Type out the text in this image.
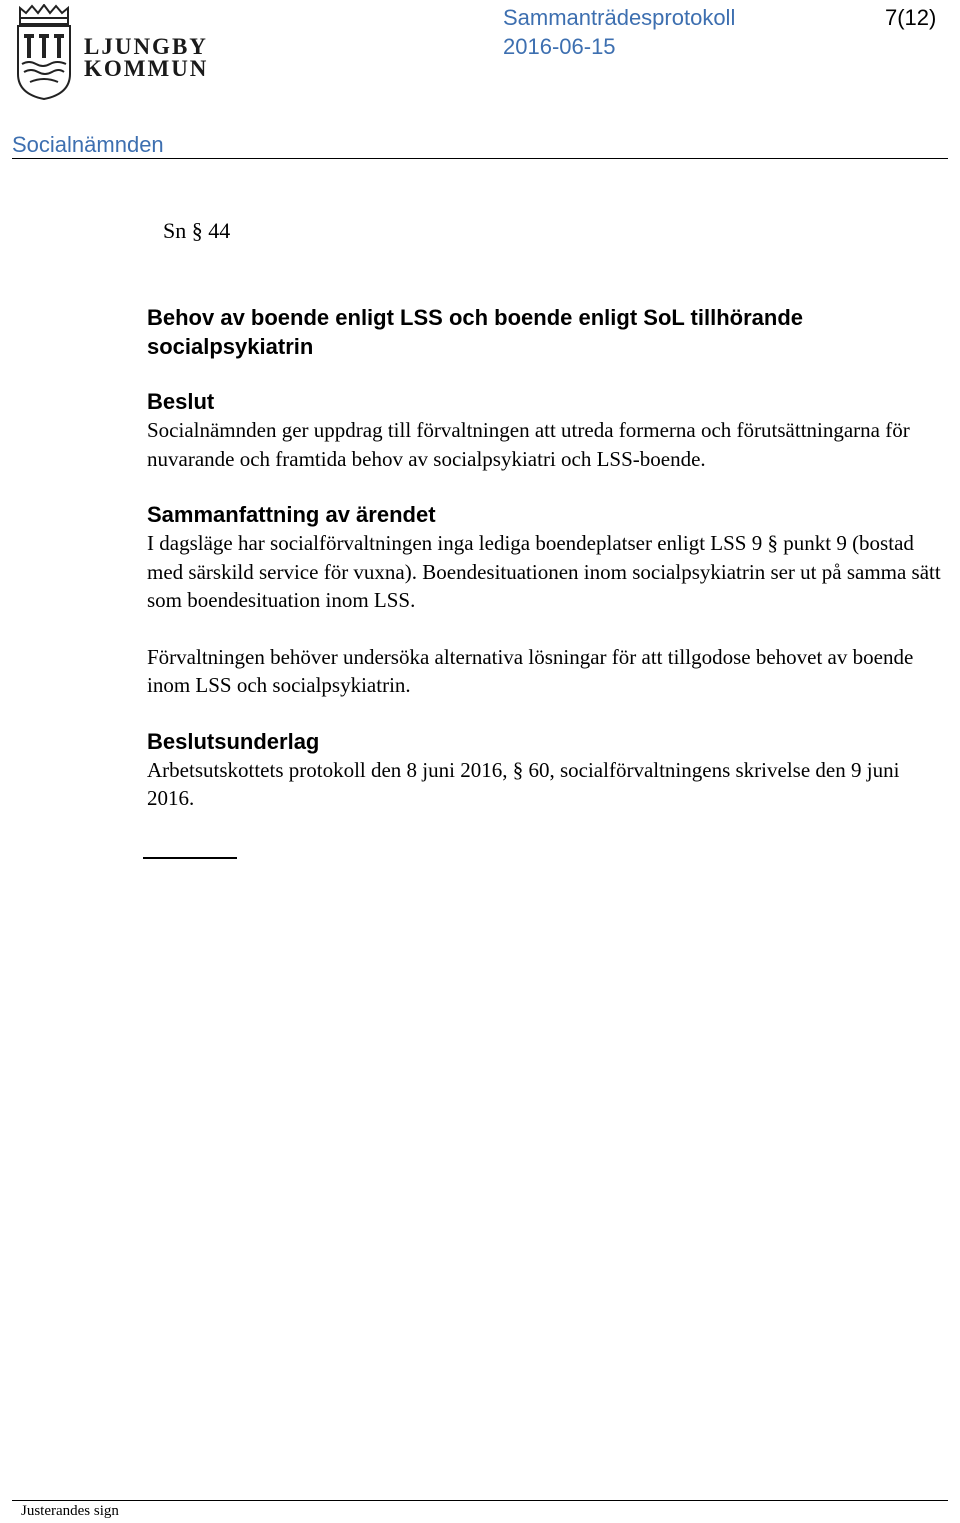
LJUNGBY
KOMMUN
Sammanträdesprotokoll	7(12)
2016-06-15
Socialnämnden
Sn § 44
Behov av boende enligt LSS och boende enligt SoL tillhörande socialpsykiatrin
Beslut

Socialnämnden ger uppdrag till förvaltningen att utreda formerna och förutsättningarna för nuvarande och framtida behov av socialpsykiatri och LSS-boende.

Sammanfattning av ärendet

I dagsläge har socialförvaltningen inga lediga boendeplatser enligt LSS 9 § punkt 9 (bostad med särskild service för vuxna). Boendesituationen inom socialpsykiatrin ser ut på samma sätt som boendesituation inom LSS.

Förvaltningen behöver undersöka alternativa lösningar för att tillgodose behovet av boende inom LSS och socialpsykiatrin.

Beslutsunderlag

Arbetsutskottets protokoll den 8 juni 2016, § 60, socialförvaltningens skrivelse den 9 juni 2016.

Justerandes sign
